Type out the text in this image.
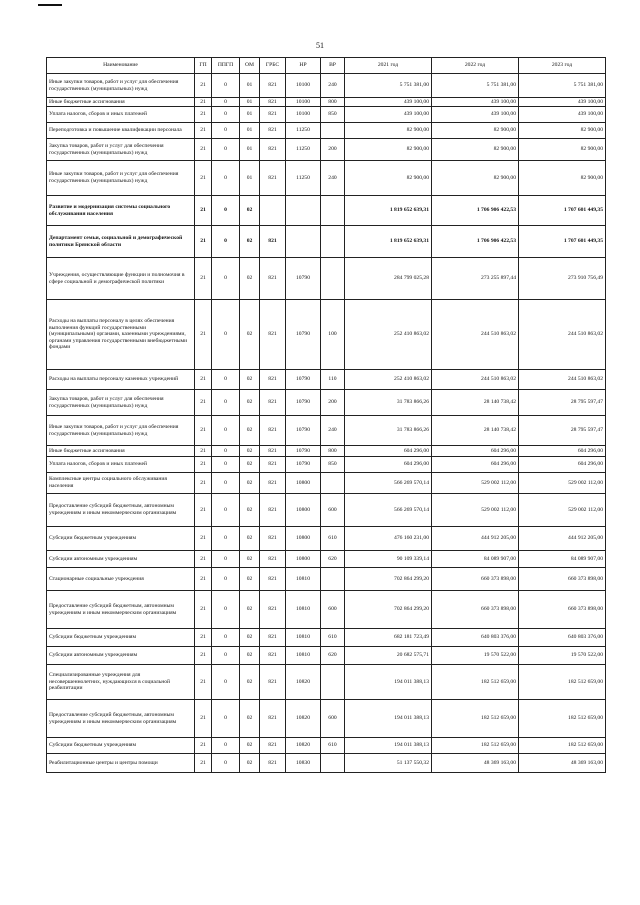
51
Наименование	ГП	ППГП	ОМ	ГРБС	НР	ВР	2021 год	2022 год	2023 год
Иные закупки товаров, работ и услуг для обеспечения государственных (муниципальных) нужд	21	0	01	821	10100	240	5 751 381,00	5 751 381,00	5 751 381,00
Иные бюджетные ассигнования	21	0	01	821	10100	800	439 100,00	439 100,00	439 100,00
Уплата налогов, сборов и иных платежей	21	0	01	821	10100	850	439 100,00	439 100,00	439 100,00
Переподготовка и повышение квалификации персонала	21	0	01	821	11250		82 900,00	82 900,00	82 900,00
Закупка товаров, работ и услуг для обеспечения государственных (муниципальных) нужд	21	0	01	821	11250	200	82 900,00	82 900,00	82 900,00
Иные закупки товаров, работ и услуг для обеспечения государственных (муниципальных) нужд	21	0	01	821	11250	240	82 900,00	82 900,00	82 900,00
Развитие и модернизация системы социального обслуживания населения	21	0	02				1 819 652 639,31	1 706 906 422,53	1 707 601 449,35
Департамент семьи, социальной и демографической политики Брянской области	21	0	02	821			1 819 652 639,31	1 706 906 422,53	1 707 601 449,35
Учреждения, осуществляющие функции и полномочия в сфере социальной и демографической политики	21	0	02	821	10790		284 799 025,28	273 255 897,44	273 910 756,49
Расходы на выплаты персоналу в целях обеспечения выполнения функций государственными (муниципальными) органами, казенными учреждениями, органами управления государственными внебюджетными фондами	21	0	02	821	10790	100	252 410 863,02	244 510 863,02	244 510 863,02
Расходы на выплаты персоналу казенных учреждений	21	0	02	821	10790	110	252 410 863,02	244 510 863,02	244 510 863,02
Закупка товаров, работ и услуг для обеспечения государственных (муниципальных) нужд	21	0	02	821	10790	200	31 783 866,26	28 140 738,42	28 795 597,47
Иные закупки товаров, работ и услуг для обеспечения государственных (муниципальных) нужд	21	0	02	821	10790	240	31 783 866,26	28 140 738,42	28 795 597,47
Иные бюджетные ассигнования	21	0	02	821	10790	800	604 296,00	604 296,00	604 296,00
Уплата налогов, сборов и иных платежей	21	0	02	821	10790	850	604 296,00	604 296,00	604 296,00
Комплексные центры социального обслуживания населения	21	0	02	821	10800		566 269 570,14	529 002 112,00	529 002 112,00
Предоставление субсидий бюджетным, автономным учреждениям и иным некоммерческим организациям	21	0	02	821	10800	600	566 269 570,14	529 002 112,00	529 002 112,00
Субсидии бюджетным учреждениям	21	0	02	821	10800	610	476 160 231,00	444 912 205,00	444 912 205,00
Субсидии автономным учреждениям	21	0	02	821	10800	620	90 109 339,14	84 089 907,00	84 089 907,00
Стационарные социальные учреждения	21	0	02	821	10810		702 864 299,20	660 373 898,00	660 373 898,00
Предоставление субсидий бюджетным, автономным учреждениям и иным некоммерческим организациям	21	0	02	821	10810	600	702 864 299,20	660 373 898,00	660 373 898,00
Субсидии бюджетным учреждениям	21	0	02	821	10810	610	682 181 723,49	640 803 376,00	640 803 376,00
Субсидии автономным учреждениям	21	0	02	821	10810	620	20 682 575,71	19 570 522,00	19 570 522,00
Специализированные учреждения для несовершеннолетних, нуждающихся в социальной реабилитации	21	0	02	821	10820		194 011 388,13	182 512 659,00	182 512 659,00
Предоставление субсидий бюджетным, автономным учреждениям и иным некоммерческим организациям	21	0	02	821	10820	600	194 011 388,13	182 512 659,00	182 512 659,00
Субсидии бюджетным учреждениям	21	0	02	821	10820	610	194 011 388,13	182 512 659,00	182 512 659,00
Реабилитационные центры и центры помощи	21	0	02	821	10830		51 137 550,32	48 369 163,00	48 369 163,00
